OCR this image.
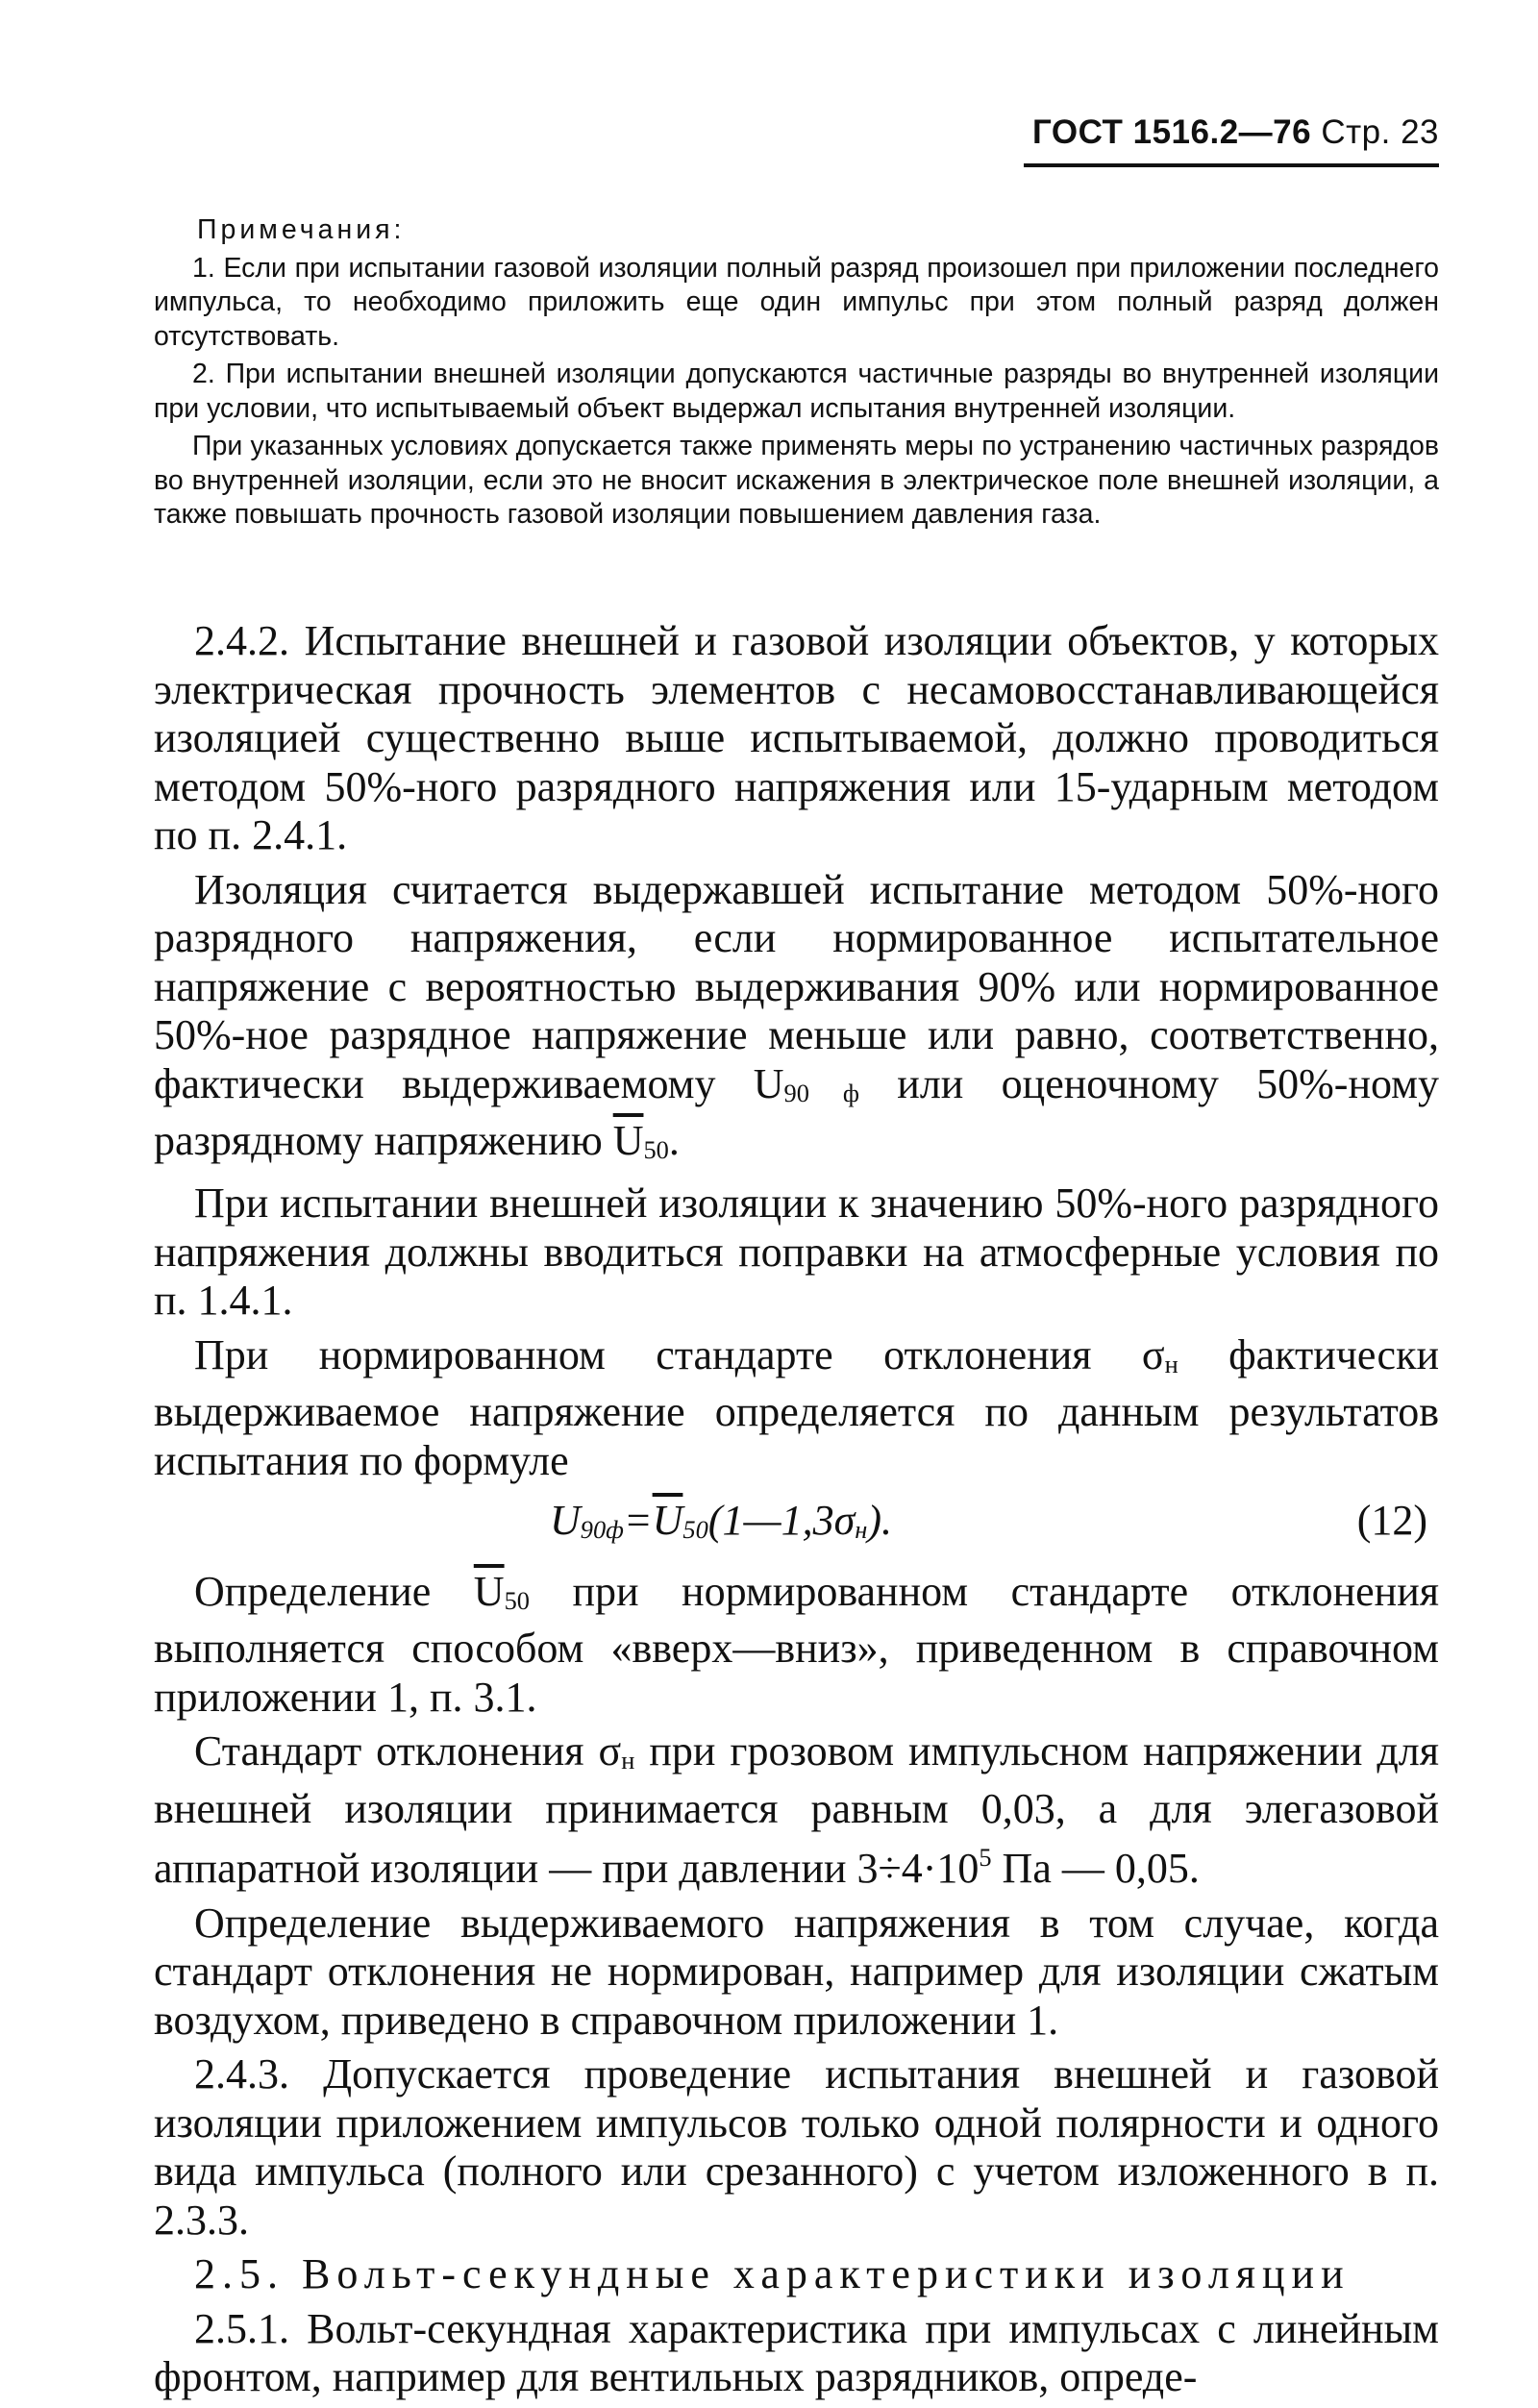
ГОСТ 1516.2—76 Стр. 23

Примечания:

1. Если при испытании газовой изоляции полный разряд произошел при приложении последнего импульса, то необходимо приложить еще один импульс при этом полный разряд должен отсутствовать.

2. При испытании внешней изоляции допускаются частичные разряды во внутренней изоляции при условии, что испытываемый объект выдержал испытания внутренней изоляции.

При указанных условиях допускается также применять меры по устранению частичных разрядов во внутренней изоляции, если это не вносит искажения в электрическое поле внешней изоляции, а также повышать прочность газовой изоляции повышением давления газа.

2.4.2. Испытание внешней и газовой изоляции объектов, у которых электрическая прочность элементов с несамовосстанавливающейся изоляцией существенно выше испытываемой, должно проводиться методом 50%-ного разрядного напряжения или 15-ударным методом по п. 2.4.1.

Изоляция считается выдержавшей испытание методом 50%-ного разрядного напряжения, если нормированное испытательное напряжение с вероятностью выдерживания 90% или нормированное 50%-ное разрядное напряжение меньше или равно, соответственно, фактически выдерживаемому $U_{90 ф}$ или оценочному 50%-ному разрядному напряжению $\overline{U}_{50}$.

При испытании внешней изоляции к значению 50%-ного разрядного напряжения должны вводиться поправки на атмосферные условия по п. 1.4.1.

При нормированном стандарте отклонения $\sigma_н$ фактически выдерживаемое напряжение определяется по данным результатов испытания по формуле

$U_{90ф}=\overline{U}_{50}(1—1,3\sigma_н)$.	(12)

Определение $\overline{U}_{50}$ при нормированном стандарте отклонения выполняется способом «вверх—вниз», приведенном в справочном приложении 1, п. 3.1.

Стандарт отклонения $\sigma_н$ при грозовом импульсном напряжении для внешней изоляции принимается равным 0,03, а для элегазовой аппаратной изоляции — при давлении $3\div 4\cdot 10^5$ Па — 0,05.

Определение выдерживаемого напряжения в том случае, когда стандарт отклонения не нормирован, например для изоляции сжатым воздухом, приведено в справочном приложении 1.

2.4.3. Допускается проведение испытания внешней и газовой изоляции приложением импульсов только одной полярности и одного вида импульса (полного или срезанного) с учетом изложенного в п. 2.3.3.

2.5. Вольт-секундные характеристики изоляции

2.5.1. Вольт-секундная характеристика при импульсах с линейным фронтом, например для вентильных разрядников, опреде-
